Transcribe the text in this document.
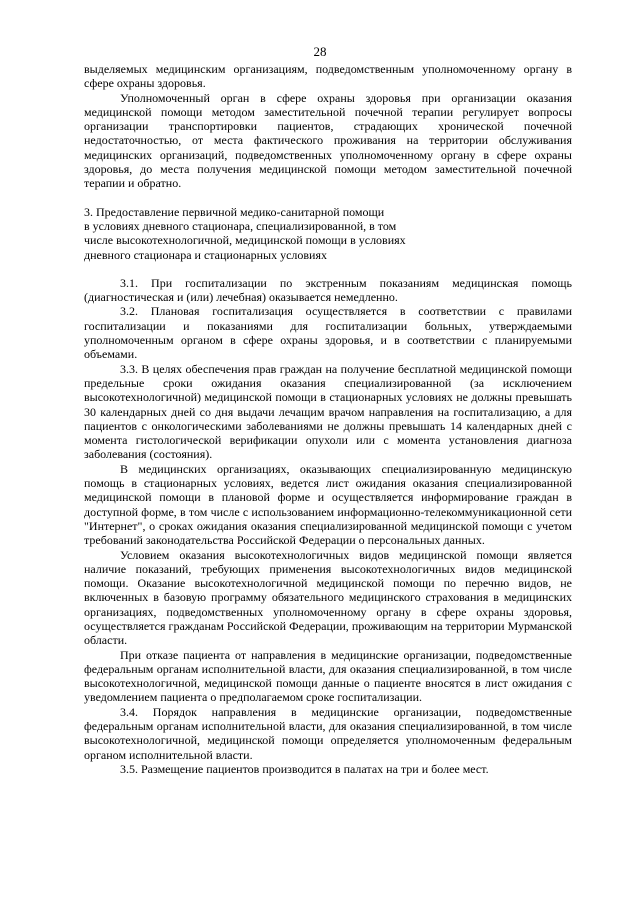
28

выделяемых медицинским организациям, подведомственным уполномоченному органу в сфере охраны здоровья.

Уполномоченный орган в сфере охраны здоровья при организации оказания медицинской помощи методом заместительной почечной терапии регулирует вопросы организации транспортировки пациентов, страдающих хронической почечной недостаточностью, от места фактического проживания на территории обслуживания медицинских организаций, подведомственных уполномоченному органу в сфере охраны здоровья, до места получения медицинской помощи методом заместительной почечной терапии и обратно.

3. Предоставление первичной медико-санитарной помощи
в условиях дневного стационара, специализированной, в том
числе высокотехнологичной, медицинской помощи в условиях
дневного стационара и стационарных условиях

3.1. При госпитализации по экстренным показаниям медицинская помощь (диагностическая и (или) лечебная) оказывается немедленно.

3.2. Плановая госпитализация осуществляется в соответствии с правилами госпитализации и показаниями для госпитализации больных, утверждаемыми уполномоченным органом в сфере охраны здоровья, и в соответствии с планируемыми объемами.

3.3. В целях обеспечения прав граждан на получение бесплатной медицинской помощи предельные сроки ожидания оказания специализированной (за исключением высокотехнологичной) медицинской помощи в стационарных условиях не должны превышать 30 календарных дней со дня выдачи лечащим врачом направления на госпитализацию, а для пациентов с онкологическими заболеваниями не должны превышать 14 календарных дней с момента гистологической верификации опухоли или с момента установления диагноза заболевания (состояния).

В медицинских организациях, оказывающих специализированную медицинскую помощь в стационарных условиях, ведется лист ожидания оказания специализированной медицинской помощи в плановой форме и осуществляется информирование граждан в доступной форме, в том числе с использованием информационно-телекоммуникационной сети "Интернет", о сроках ожидания оказания специализированной медицинской помощи с учетом требований законодательства Российской Федерации о персональных данных.

Условием оказания высокотехнологичных видов медицинской помощи является наличие показаний, требующих применения высокотехнологичных видов медицинской помощи. Оказание высокотехнологичной медицинской помощи по перечню видов, не включенных в базовую программу обязательного медицинского страхования в медицинских организациях, подведомственных уполномоченному органу в сфере охраны здоровья, осуществляется гражданам Российской Федерации, проживающим на территории Мурманской области.

При отказе пациента от направления в медицинские организации, подведомственные федеральным органам исполнительной власти, для оказания специализированной, в том числе высокотехнологичной, медицинской помощи данные о пациенте вносятся в лист ожидания с уведомлением пациента о предполагаемом сроке госпитализации.

3.4. Порядок направления в медицинские организации, подведомственные федеральным органам исполнительной власти, для оказания специализированной, в том числе высокотехнологичной, медицинской помощи определяется уполномоченным федеральным органом исполнительной власти.

3.5. Размещение пациентов производится в палатах на три и более мест.
